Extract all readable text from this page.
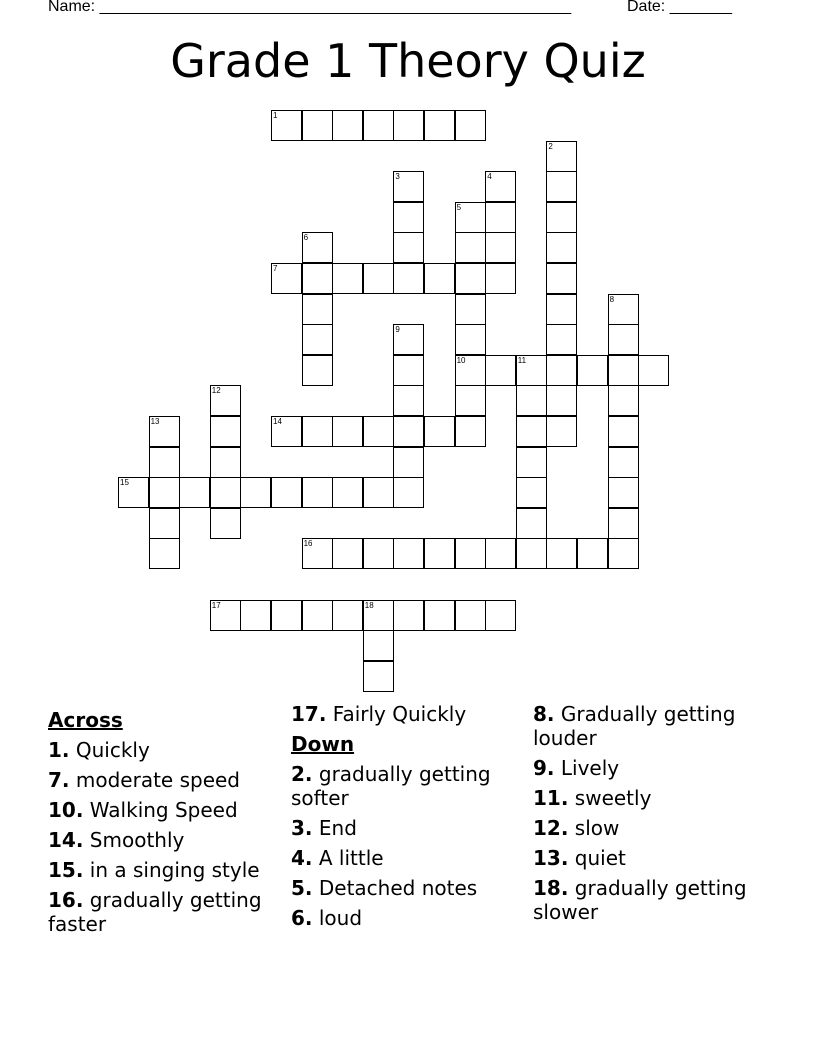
Name: _____________________________________________________	Date: _______
Grade 1 Theory Quiz
1
2
3	4
5
10
6
7
8
9
11
12
13	14
15
16
17	18
Across
1. Quickly
7. moderate speed
10. Walking Speed
14. Smoothly
15. in a singing style
16. gradually getting faster
17. Fairly Quickly
Down
2. gradually getting softer
3. End
4. A little
5. Detached notes
6. loud
8. Gradually getting louder
9. Lively
11. sweetly
12. slow
13. quiet
18. gradually getting slower
